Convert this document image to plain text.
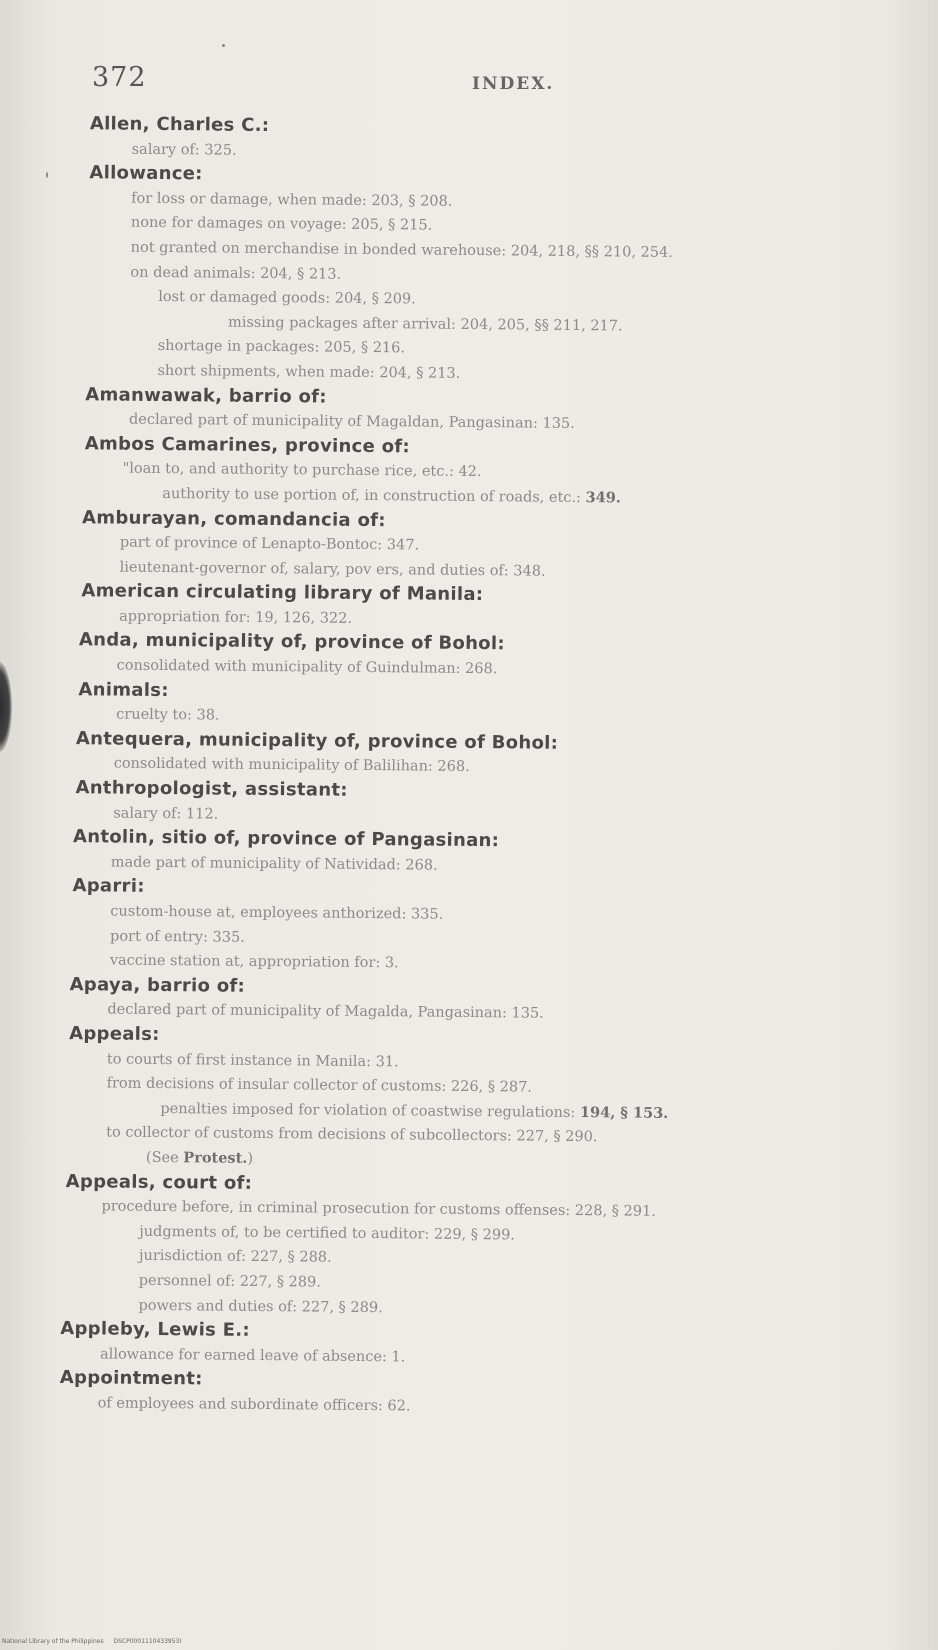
372	INDEX.
Allen, Charles C.:
salary of: 325.
Allowance:
for loss or damage, when made: 203, § 208.
none for damages on voyage: 205, § 215.
not granted on merchandise in bonded warehouse: 204, 218, §§ 210, 254.
on dead animals: 204, § 213.
lost or damaged goods: 204, § 209.
missing packages after arrival: 204, 205, §§ 211, 217.
shortage in packages: 205, § 216.
short shipments, when made: 204, § 213.
Amanwawak, barrio of:
declared part of municipality of Magaldan, Pangasinan: 135.
Ambos Camarines, province of:
"loan to, and authority to purchase rice, etc.: 42.
authority to use portion of, in construction of roads, etc.: 349.
Amburayan, comandancia of:
part of province of Lenapto-Bontoc: 347.
lieutenant-governor of, salary, pov ers, and duties of: 348.
American circulating library of Manila:
appropriation for: 19, 126, 322.
Anda, municipality of, province of Bohol:
consolidated with municipality of Guindulman: 268.
Animals:
cruelty to: 38.
Antequera, municipality of, province of Bohol:
consolidated with municipality of Balilihan: 268.
Anthropologist, assistant:
salary of: 112.
Antolin, sitio of, province of Pangasinan:
made part of municipality of Natividad: 268.
Aparri:
custom-house at, employees anthorized: 335.
port of entry: 335.
vaccine station at, appropriation for: 3.
Apaya, barrio of:
declared part of municipality of Magalda, Pangasinan: 135.
Appeals:
to courts of first instance in Manila: 31.
from decisions of insular collector of customs: 226, § 287.
penalties imposed for violation of coastwise regulations: 194, § 153.
to collector of customs from decisions of subcollectors: 227, § 290.
(See Protest.)
Appeals, court of:
procedure before, in criminal prosecution for customs offenses: 228, § 291.
judgments of, to be certified to auditor: 229, § 299.
jurisdiction of: 227, § 288.
personnel of: 227, § 289.
powers and duties of: 227, § 289.
Appleby, Lewis E.:
allowance for earned leave of absence: 1.
Appointment:
of employees and subordinate officers: 62.
National Library of the Philippines DSCP0001110433953I
